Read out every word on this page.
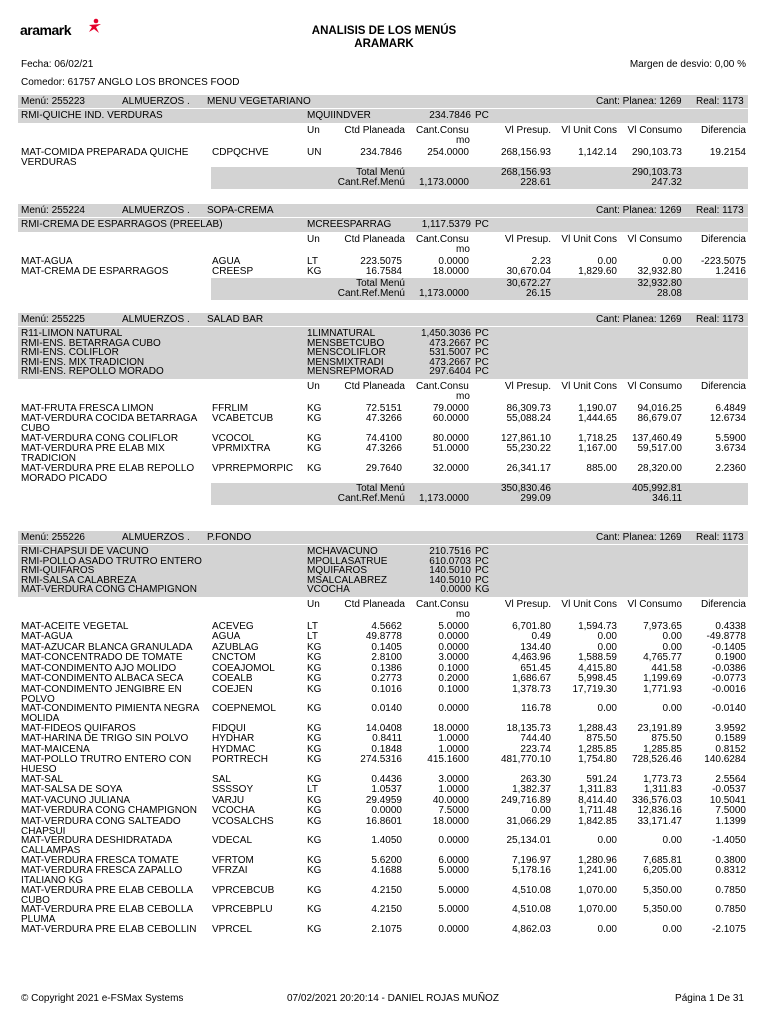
aramark	ANALISIS DE LOS MENÚS
ARAMARK
Fecha: 06/02/21	Margen de desvio: 0,00 %
Comedor: 61757 ANGLO LOS BRONCES FOOD
Menú: 255223	ALMUERZOS . MENU VEGETARIANO	Cant: Planea: 1269 Real: 1173
RMI-QUICHE IND. VERDURAS	MQUIINDVER	234.7846 PC
Un	Ctd Planeada Cant.Consu
mo
Vl Presup.	Vl Unit Cons	Vl Consumo	Diferencia
MAT-COMIDA PREPARADA QUICHE VERDURAS
CDPQCHVE	UN	234.7846	254.0000	268,156.93	1,142.14	290,103.73	19.2154
Total Menú	268,156.93	290,103.73
Cant.Ref.Menú	1,173.0000	228.61	247.32
Menú: 255224	ALMUERZOS . SOPA-CREMA	Cant: Planea: 1269 Real: 1173
RMI-CREMA DE ESPARRAGOS (PREELAB)	MCREESPARRAG	1,117.5379 PC
Un	Ctd Planeada Cant.Consu
mo
Vl Presup.	Vl Unit Cons	Vl Consumo	Diferencia
MAT-AGUA	AGUA	LT	223.5075	0.0000	2.23	0.00	0.00	-223.5075
MAT-CREMA DE ESPARRAGOS	CREESP	KG	16.7584	18.0000	30,670.04	1,829.60	32,932.80	1.2416
Total Menú	30,672.27	32,932.80
Cant.Ref.Menú	1,173.0000	26.15	28.08
Menú: 255225	ALMUERZOS . SALAD BAR	Cant: Planea: 1269 Real: 1173
R11-LIMON NATURAL	1LIMNATURAL	1,450.3036 PC
RMI-ENS. BETARRAGA CUBO	MENSBETCUBO	473.2667 PC
RMI-ENS. COLIFLOR	MENSCOLIFLOR	531.5007 PC
RMI-ENS. MIX TRADICION	MENSMIXTRADI	473.2667 PC
RMI-ENS. REPOLLO MORADO	MENSREPMORAD	297.6404 PC
Un	Ctd Planeada Cant.Consu
mo
Vl Presup.	Vl Unit Cons	Vl Consumo	Diferencia
MAT-FRUTA FRESCA LIMON	FFRLIM	KG	72.5151	79.0000	86,309.73	1,190.07	94,016.25	6.4849
MAT-VERDURA COCIDA BETARRAGA CUBO
VCABETCUB	KG	47.3266	60.0000	55,088.24	1,444.65	86,679.07	12.6734
MAT-VERDURA CONG COLIFLOR	VCOCOL	KG	74.4100	80.0000	127,861.10	1,718.25	137,460.49	5.5900
MAT-VERDURA PRE ELAB MIX TRADICION
VPRMIXTRA	KG	47.3266	51.0000	55,230.22	1,167.00	59,517.00	3.6734
MAT-VERDURA PRE ELAB REPOLLO MORADO PICADO
VPRREPMORPIC KG	29.7640	32.0000	26,341.17	885.00	28,320.00	2.2360
Total Menú	350,830.46	405,992.81
Cant.Ref.Menú	1,173.0000	299.09	346.11
Menú: 255226	ALMUERZOS . P.FONDO	Cant: Planea: 1269 Real: 1173
RMI-CHAPSUI DE VACUNO	MCHAVACUNO	210.7516 PC
RMI-POLLO ASADO TRUTRO ENTERO	MPOLLASATRUE	610.0703 PC
RMI-QUIFAROS	MQUIFAROS	140.5010 PC
RMI-SALSA CALABREZA	MSALCALABREZ	140.5010 PC
MAT-VERDURA CONG CHAMPIGNON	VCOCHA	0.0000 KG
Un	Ctd Planeada Cant.Consu
mo
Vl Presup.	Vl Unit Cons	Vl Consumo	Diferencia
MAT-ACEITE VEGETAL	ACEVEG	LT	4.5662	5.0000	6,701.80	1,594.73	7,973.65	0.4338
MAT-AGUA	AGUA	LT	49.8778	0.0000	0.49	0.00	0.00	-49.8778
MAT-AZUCAR BLANCA GRANULADA	AZUBLAG	KG	0.1405	0.0000	134.40	0.00	0.00	-0.1405
MAT-CONCENTRADO DE TOMATE	CNCTOM	KG	2.8100	3.0000	4,463.96	1,588.59	4,765.77	0.1900
MAT-CONDIMENTO AJO MOLIDO	COEAJOMOL	KG	0.1386	0.1000	651.45	4,415.80	441.58	-0.0386
MAT-CONDIMENTO ALBACA SECA	COEALB	KG	0.2773	0.2000	1,686.67	5,998.45	1,199.69	-0.0773
MAT-CONDIMENTO JENGIBRE EN POLVO
COEJEN	KG	0.1016	0.1000	1,378.73	17,719.30	1,771.93	-0.0016
MAT-CONDIMENTO PIMIENTA NEGRA MOLIDA
COEPNEMOL	KG	0.0140	0.0000	116.78	0.00	0.00	-0.0140
MAT-FIDEOS QUIFAROS	FIDQUI	KG	14.0408	18.0000	18,135.73	1,288.43	23,191.89	3.9592
MAT-HARINA DE TRIGO SIN POLVO	HYDHAR	KG	0.8411	1.0000	744.40	875.50	875.50	0.1589
MAT-MAICENA	HYDMAC	KG	0.1848	1.0000	223.74	1,285.85	1,285.85	0.8152
MAT-POLLO TRUTRO ENTERO CON HUESO
PORTRECH	KG	274.5316	415.1600	481,770.10	1,754.80	728,526.46	140.6284
MAT-SAL	SAL	KG	0.4436	3.0000	263.30	591.24	1,773.73	2.5564
MAT-SALSA DE SOYA	SSSSOY	LT	1.0537	1.0000	1,382.37	1,311.83	1,311.83	-0.0537
MAT-VACUNO JULIANA	VARJU	KG	29.4959	40.0000	249,716.89	8,414.40	336,576.03	10.5041
MAT-VERDURA CONG CHAMPIGNON	VCOCHA	KG	0.0000	7.5000	0.00	1,711.48	12,836.16	7.5000
MAT-VERDURA CONG SALTEADO CHAPSUI
VCOSALCHS	KG	16.8601	18.0000	31,066.29	1,842.85	33,171.47	1.1399
MAT-VERDURA DESHIDRATADA CALLAMPAS
VDECAL	KG	1.4050	0.0000	25,134.01	0.00	0.00	-1.4050
MAT-VERDURA FRESCA TOMATE	VFRTOM	KG	5.6200	6.0000	7,196.97	1,280.96	7,685.81	0.3800
MAT-VERDURA FRESCA ZAPALLO ITALIANO KG
VFRZAI	KG	4.1688	5.0000	5,178.16	1,241.00	6,205.00	0.8312
MAT-VERDURA PRE ELAB CEBOLLA CUBO
VPRCEBCUB	KG	4.2150	5.0000	4,510.08	1,070.00	5,350.00	0.7850
MAT-VERDURA PRE ELAB CEBOLLA PLUMA
VPRCEBPLU	KG	4.2150	5.0000	4,510.08	1,070.00	5,350.00	0.7850
MAT-VERDURA PRE ELAB CEBOLLIN	VPRCEL	KG	2.1075	0.0000	4,862.03	0.00	0.00	-2.1075
© Copyright 2021 e-FSMax Systems	07/02/2021 20:20:14 - DANIEL ROJAS MUÑOZ	Página 1 De 31
